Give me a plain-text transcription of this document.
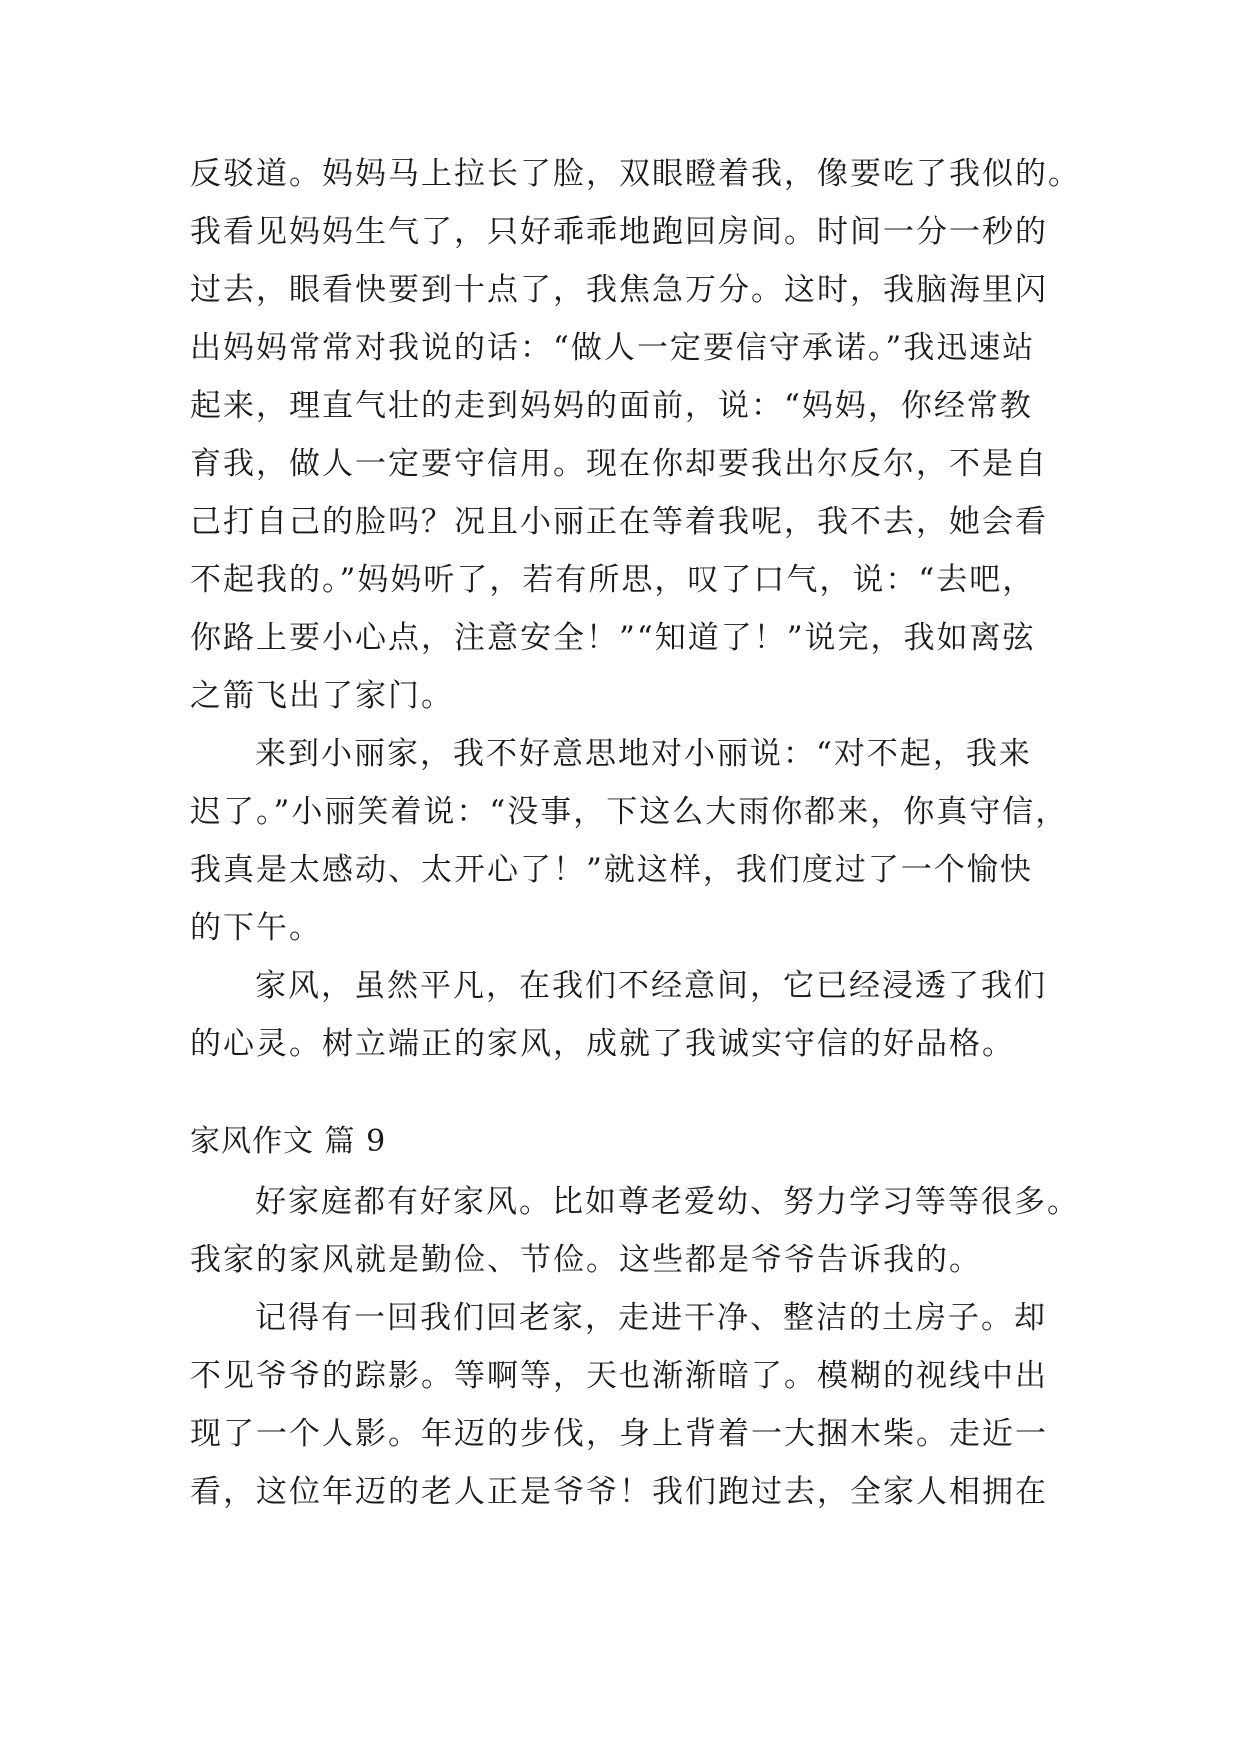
反驳道。妈妈马上拉长了脸，双眼瞪着我，像要吃了我似的。
我看见妈妈生气了，只好乖乖地跑回房间。时间一分一秒的
过去，眼看快要到十点了，我焦急万分。这时，我脑海里闪
出妈妈常常对我说的话：“做人一定要信守承诺。”我迅速站
起来，理直气壮的走到妈妈的面前，说：“妈妈，你经常教
育我，做人一定要守信用。现在你却要我出尔反尔，不是自
己打自己的脸吗？况且小丽正在等着我呢，我不去，她会看
不起我的。”妈妈听了，若有所思，叹了口气，说：“去吧，
你路上要小心点，注意安全！”“知道了！”说完，我如离弦
之箭飞出了家门。
来到小丽家，我不好意思地对小丽说：“对不起，我来
迟了。”小丽笑着说：“没事，下这么大雨你都来，你真守信，
我真是太感动、太开心了！”就这样，我们度过了一个愉快
的下午。
家风，虽然平凡，在我们不经意间，它已经浸透了我们
的心灵。树立端正的家风，成就了我诚实守信的好品格。
家风作文 篇 9
好家庭都有好家风。比如尊老爱幼、努力学习等等很多。
我家的家风就是勤俭、节俭。这些都是爷爷告诉我的。
记得有一回我们回老家，走进干净、整洁的土房子。却
不见爷爷的踪影。等啊等，天也渐渐暗了。模糊的视线中出
现了一个人影。年迈的步伐，身上背着一大捆木柴。走近一
看，这位年迈的老人正是爷爷！我们跑过去，全家人相拥在
